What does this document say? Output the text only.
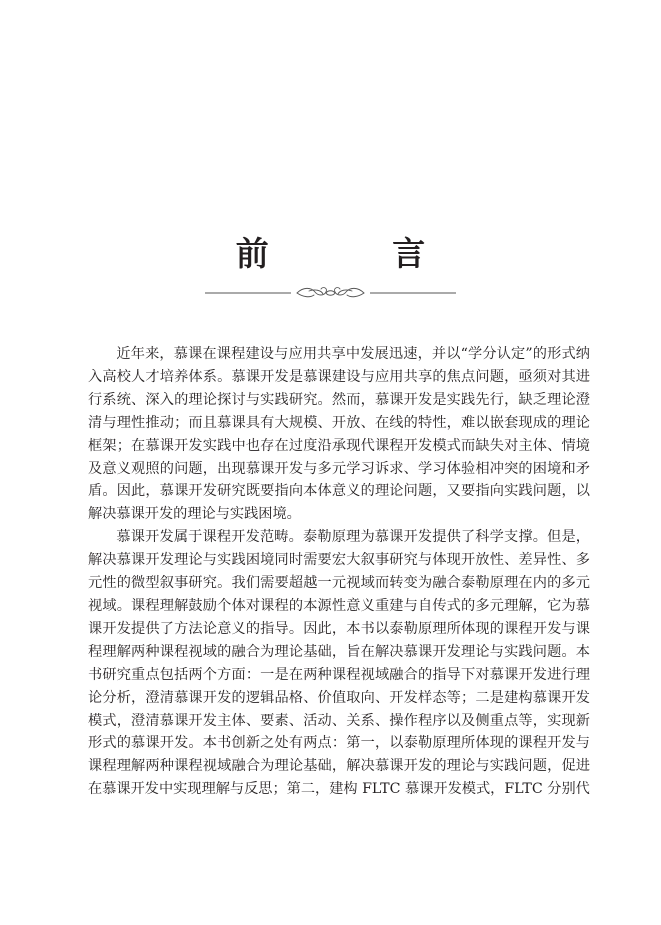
前 言

近年来，慕课在课程建设与应用共享中发展迅速，并以“学分认定”的形式纳入高校人才培养体系。慕课开发是慕课建设与应用共享的焦点问题，亟须对其进行系统、深入的理论探讨与实践研究。然而，慕课开发是实践先行，缺乏理论澄清与理性推动；而且慕课具有大规模、开放、在线的特性，难以嵌套现成的理论框架；在慕课开发实践中也存在过度沿承现代课程开发模式而缺失对主体、情境及意义观照的问题，出现慕课开发与多元学习诉求、学习体验相冲突的困境和矛盾。因此，慕课开发研究既要指向本体意义的理论问题，又要指向实践问题，以解决慕课开发的理论与实践困境。

慕课开发属于课程开发范畴。泰勒原理为慕课开发提供了科学支撑。但是，解决慕课开发理论与实践困境同时需要宏大叙事研究与体现开放性、差异性、多元性的微型叙事研究。我们需要超越一元视域而转变为融合泰勒原理在内的多元视域。课程理解鼓励个体对课程的本源性意义重建与自传式的多元理解，它为慕课开发提供了方法论意义的指导。因此，本书以泰勒原理所体现的课程开发与课程理解两种课程视域的融合为理论基础，旨在解决慕课开发理论与实践问题。本书研究重点包括两个方面：一是在两种课程视域融合的指导下对慕课开发进行理论分析，澄清慕课开发的逻辑品格、价值取向、开发样态等；二是建构慕课开发模式，澄清慕课开发主体、要素、活动、关系、操作程序以及侧重点等，实现新形式的慕课开发。本书创新之处有两点：第一，以泰勒原理所体现的课程开发与课程理解两种课程视域融合为理论基础，解决慕课开发的理论与实践问题，促进在慕课开发中实现理解与反思；第二，建构 FLTC 慕课开发模式，FLTC 分别代
